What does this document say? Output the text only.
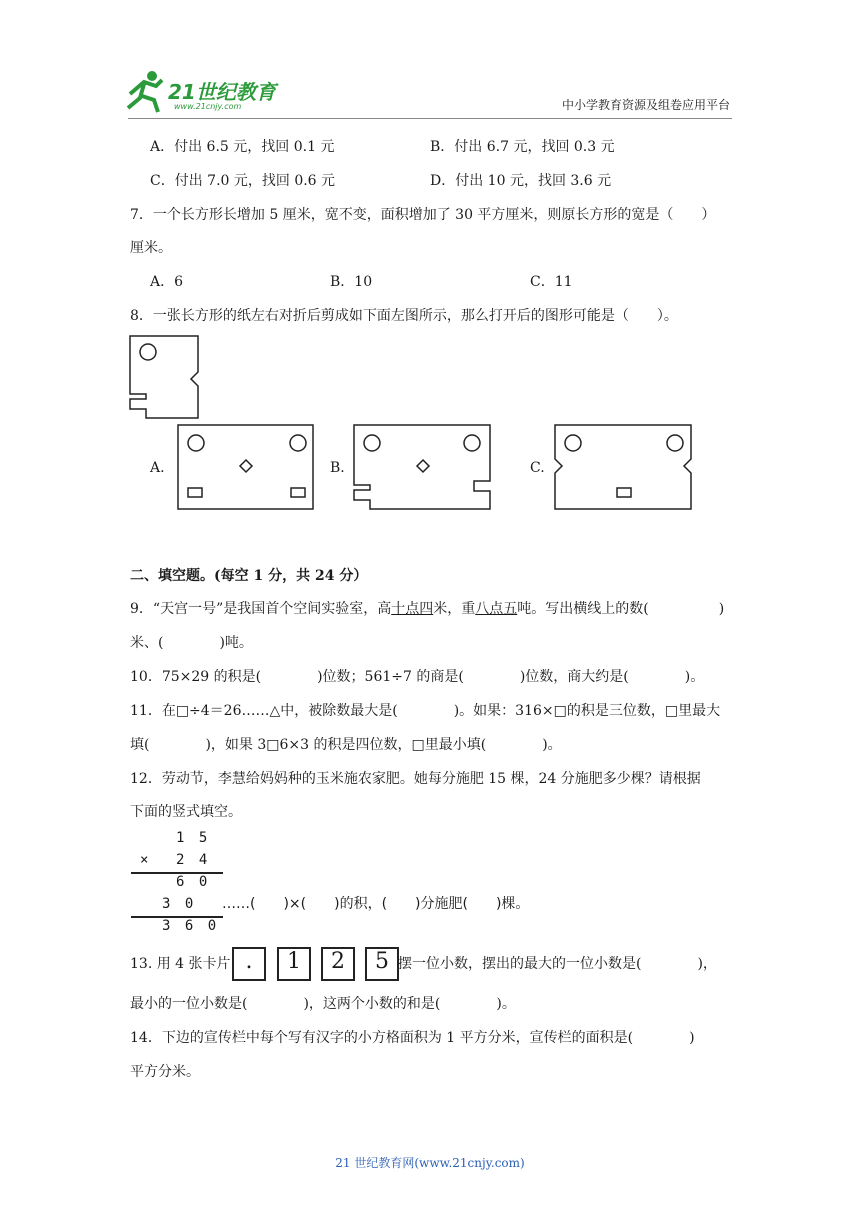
21世纪教育
www.21cnjy.com	中小学教育资源及组卷应用平台
A．付出 6.5 元，找回 0.1 元	B．付出 6.7 元，找回 0.3 元
C．付出 7.0 元，找回 0.6 元	D．付出 10 元，找回 3.6 元
7．一个长方形长增加 5 厘米，宽不变，面积增加了 30 平方厘米，则原长方形的宽是（　　）
厘米。
A．6	B．10	C．11
8．一张长方形的纸左右对折后剪成如下面左图所示，那么打开后的图形可能是（　　）。
A.	B.	C.
二、填空题。(每空 1 分，共 24 分）
9．“天宫一号”是我国首个空间实验室，高十点四米，重八点五吨。写出横线上的数(　　　　　)
米、(　　　　)吨。
10．75×29 的积是(　　　　)位数；561÷7 的商是(　　　　)位数，商大约是(　　　　)。
11．在□÷4＝26……△中，被除数最大是(　　　　)。如果：316×□的积是三位数，□里最大
填(　　　　)，如果 3□6×3 的积是四位数，□里最小填(　　　　)。
12．劳动节，李慧给妈妈种的玉米施农家肥。她每分施肥 15 棵，24 分施肥多少棵？请根据
下面的竖式填空。
1 5
× 2 4
6 0
3 0 ……(　　)×(　　)的积，(　　)分施肥(　　)棵。
3 6 0
13. 用 4 张卡片 .	1	2	5 摆一位小数，摆出的最大的一位小数是(　　　　)，
最小的一位小数是(　　　　)，这两个小数的和是(　　　　)。
14．下边的宣传栏中每个写有汉字的小方格面积为 1 平方分米，宣传栏的面积是(　　　　)
平方分米。
21 世纪教育网(www.21cnjy.com)
